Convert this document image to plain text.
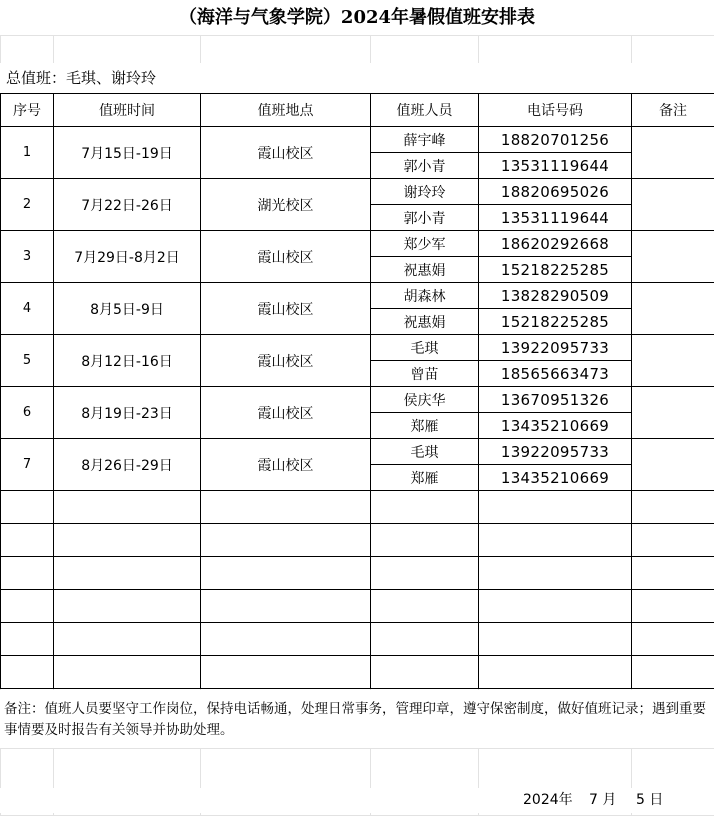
（海洋与气象学院）2024年暑假值班安排表
总值班：毛琪、谢玲玲
序号	值班时间	值班地点	值班人员	电话号码	备注
1	7月15日-19日	霞山校区	薛宇峰	18820701256	
			郭小青	13531119644	
2	7月22日-26日	湖光校区	谢玲玲	18820695026	
			郭小青	13531119644	
3	7月29日-8月2日	霞山校区	郑少军	18620292668	
			祝惠娟	15218225285	
4	8月5日-9日	霞山校区	胡森林	13828290509	
			祝惠娟	15218225285	
5	8月12日-16日	霞山校区	毛琪	13922095733	
			曾苗	18565663473	
6	8月19日-23日	霞山校区	侯庆华	13670951326	
			郑雁	13435210669	
7	8月26日-29日	霞山校区	毛琪	13922095733	
			郑雁	13435210669	

备注：值班人员要坚守工作岗位，保持电话畅通，处理日常事务，管理印章，遵守保密制度，做好值班记录；遇到重要事情要及时报告有关领导并协助处理。
2024年 7 月 5 日
